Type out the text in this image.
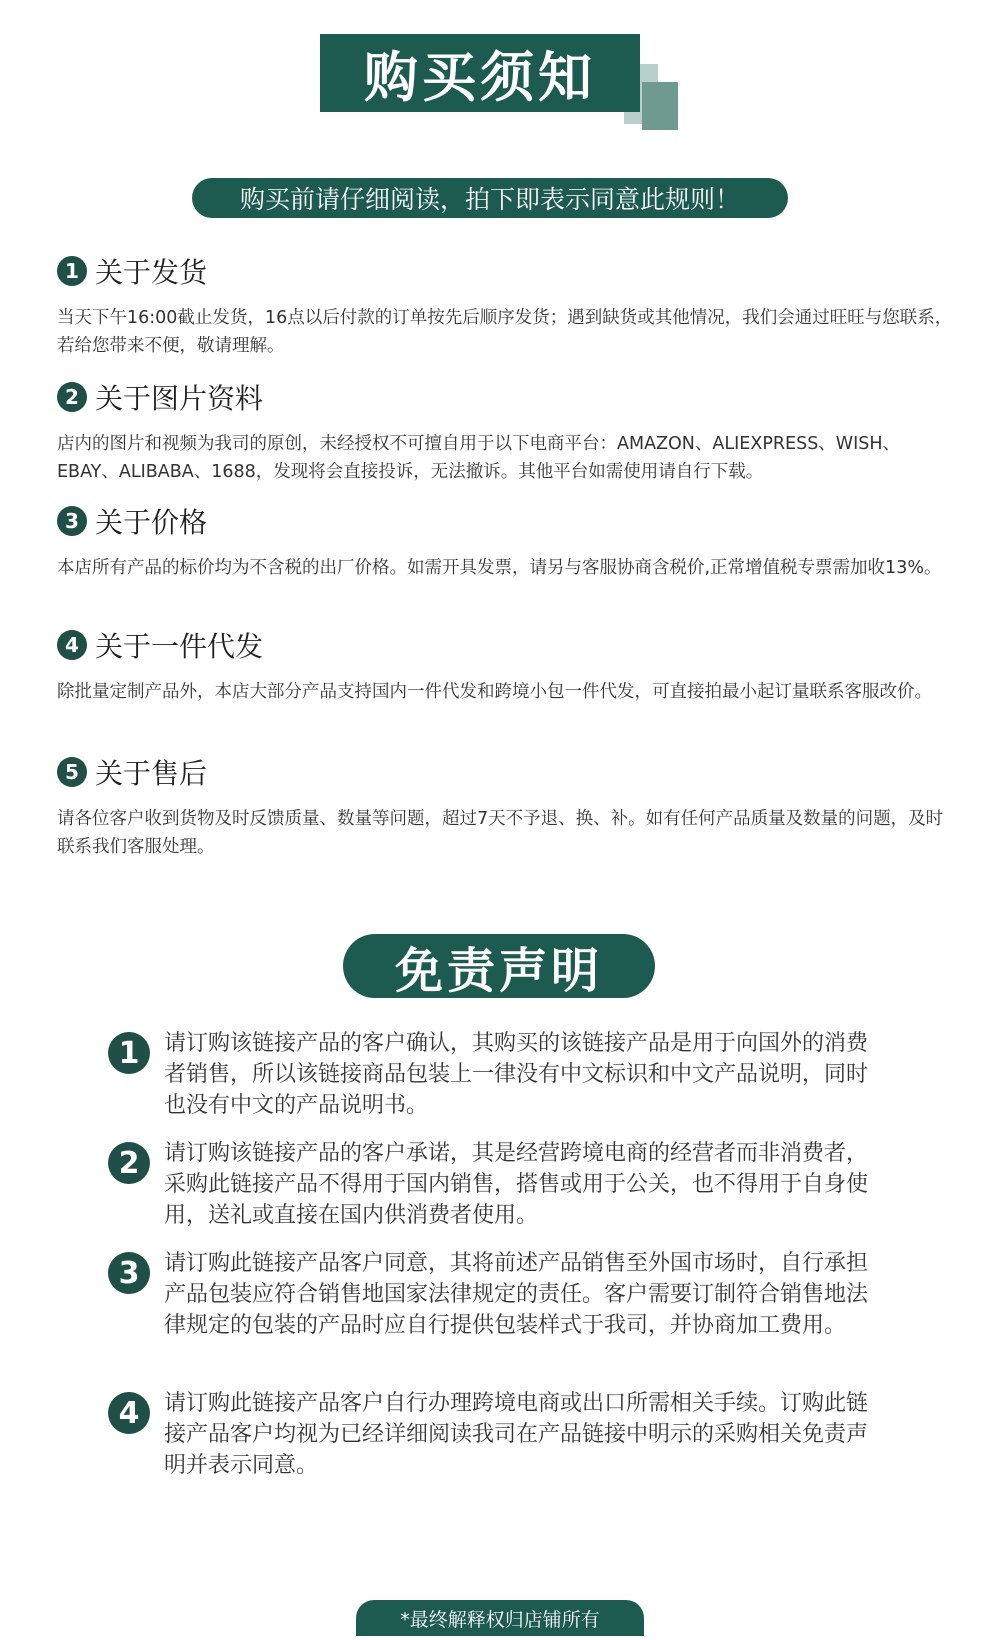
购买须知
购买前请仔细阅读，拍下即表示同意此规则！
1 关于发货
当天下午16:00截止发货，16点以后付款的订单按先后顺序发货；遇到缺货或其他情况，我们会通过旺旺与您联系，若给您带来不便，敬请理解。
2 关于图片资料
店内的图片和视频为我司的原创，未经授权不可擅自用于以下电商平台：AMAZON、ALIEXPRESS、WISH、EBAY、ALIBABA、1688，发现将会直接投诉，无法撤诉。其他平台如需使用请自行下载。
3 关于价格
本店所有产品的标价均为不含税的出厂价格。如需开具发票，请另与客服协商含税价,正常增值税专票需加收13%。
4 关于一件代发
除批量定制产品外，本店大部分产品支持国内一件代发和跨境小包一件代发，可直接拍最小起订量联系客服改价。
5 关于售后
请各位客户收到货物及时反馈质量、数量等问题，超过7天不予退、换、补。如有任何产品质量及数量的问题，及时联系我们客服处理。
免责声明
1	请订购该链接产品的客户确认，其购买的该链接产品是用于向国外的消费者销售，所以该链接商品包装上一律没有中文标识和中文产品说明，同时也没有中文的产品说明书。
2	请订购该链接产品的客户承诺，其是经营跨境电商的经营者而非消费者，采购此链接产品不得用于国内销售，搭售或用于公关，也不得用于自身使用，送礼或直接在国内供消费者使用。
3	请订购此链接产品客户同意，其将前述产品销售至外国市场时，自行承担产品包装应符合销售地国家法律规定的责任。客户需要订制符合销售地法律规定的包装的产品时应自行提供包装样式于我司，并协商加工费用。
4	请订购此链接产品客户自行办理跨境电商或出口所需相关手续。订购此链接产品客户均视为已经详细阅读我司在产品链接中明示的采购相关免责声明并表示同意。
*最终解释权归店铺所有
